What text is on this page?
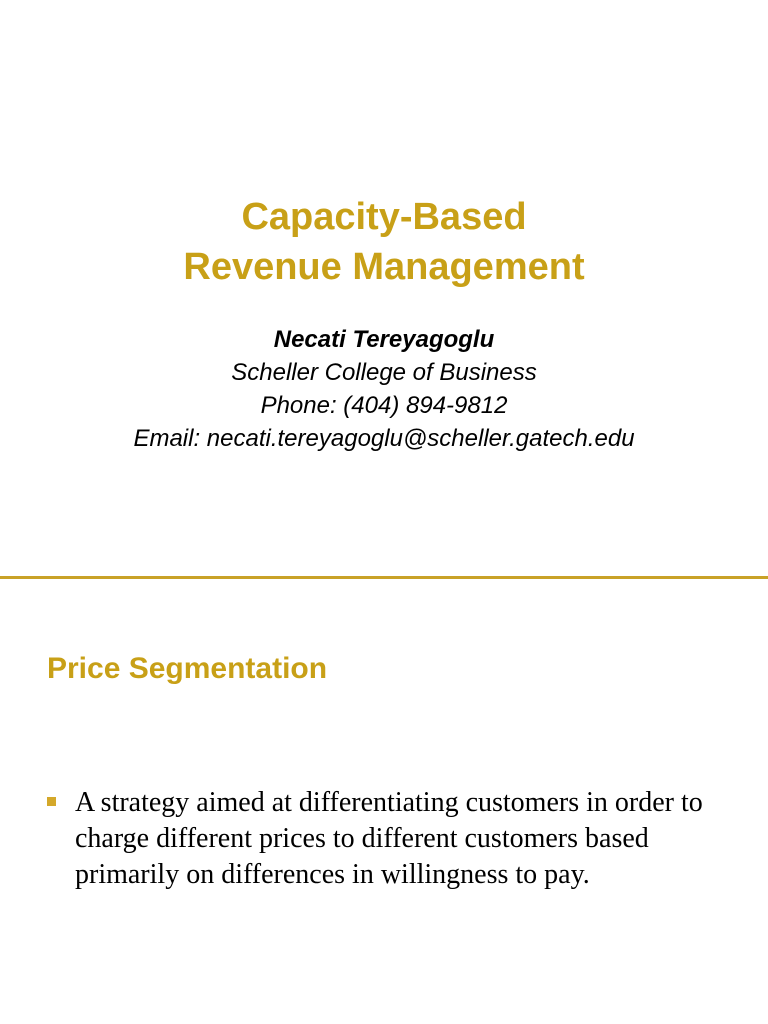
Capacity-Based
Revenue Management
Necati Tereyagoglu
Scheller College of Business
Phone: (404) 894-9812
Email: necati.tereyagoglu@scheller.gatech.edu
Price Segmentation
A strategy aimed at differentiating customers in order to charge different prices to different customers based primarily on differences in willingness to pay.
